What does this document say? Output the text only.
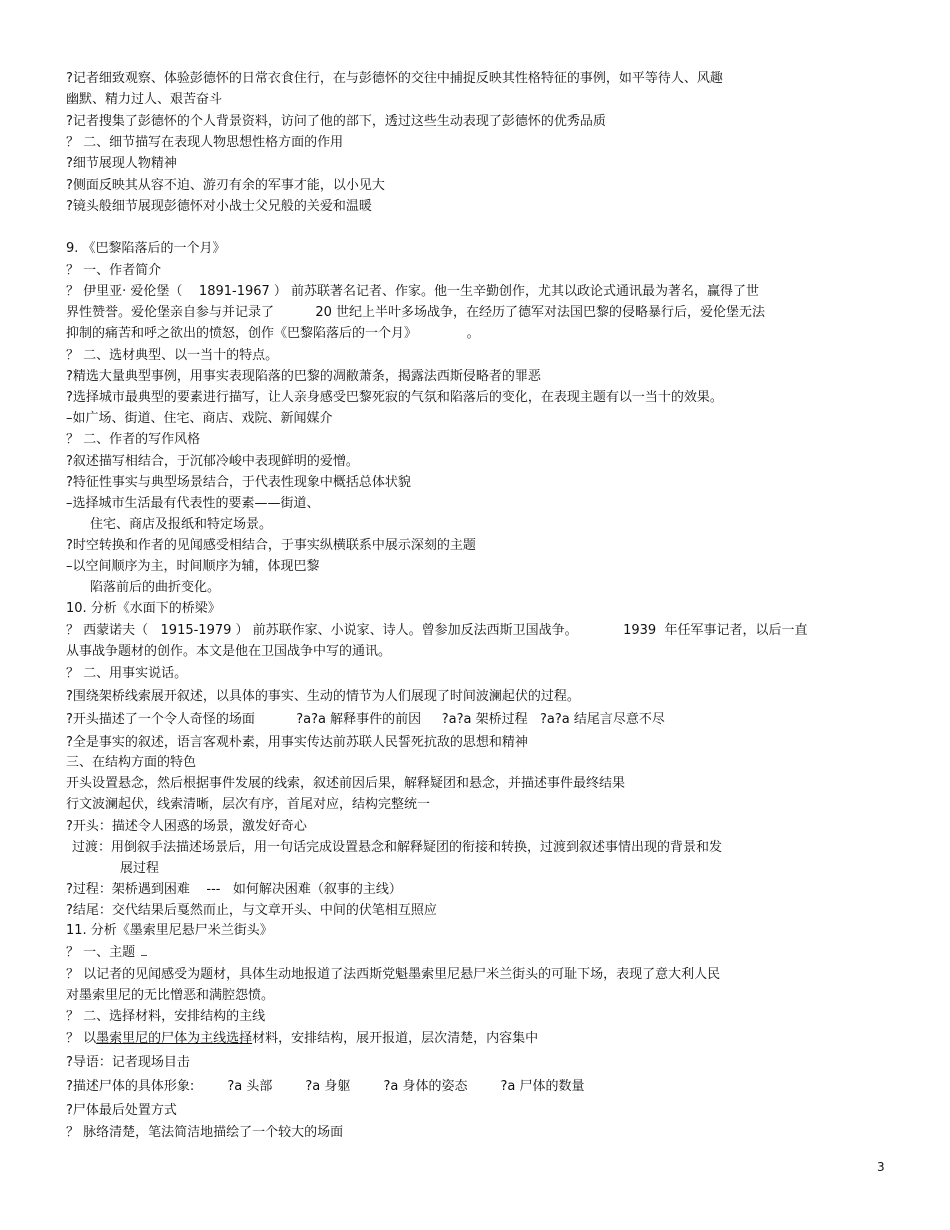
?记者细致观察、体验彭德怀的日常衣食住行，在与彭德怀的交往中捕捉反映其性格特征的事例，如平等待人、风趣
幽默、精力过人、艰苦奋斗
?记者搜集了彭德怀的个人背景资料，访问了他的部下，透过这些生动表现了彭德怀的优秀品质
？ 二、细节描写在表现人物思想性格方面的作用
?细节展现人物精神
?侧面反映其从容不迫、游刃有余的军事才能，以小见大
?镜头般细节展现彭德怀对小战士父兄般的关爱和温暖
9. 《巴黎陷落后的一个月》
？ 一、作者简介
？ 伊里亚· 爱伦堡（    1891-1967 ） 前苏联著名记者、作家。他一生辛勤创作，尤其以政论式通讯最为著名，赢得了世
界性赞誉。爱伦堡亲自参与并记录了          20 世纪上半叶多场战争，在经历了德军对法国巴黎的侵略暴行后，爱伦堡无法
抑制的痛苦和呼之欲出的愤怒，创作《巴黎陷落后的一个月》            。
？ 二、选材典型、以一当十的特点。
?精选大量典型事例，用事实表现陷落的巴黎的凋敝萧条，揭露法西斯侵略者的罪恶
?选择城市最典型的要素进行描写，让人亲身感受巴黎死寂的气氛和陷落后的变化，在表现主题有以一当十的效果。
–如广场、街道、住宅、商店、戏院、新闻媒介
？ 二、作者的写作风格
?叙述描写相结合，于沉郁冷峻中表现鲜明的爱憎。
?特征性事实与典型场景结合，于代表性现象中概括总体状貌
–选择城市生活最有代表性的要素——街道、
住宅、商店及报纸和特定场景。
?时空转换和作者的见闻感受相结合，于事实纵横联系中展示深刻的主题
–以空间顺序为主，时间顺序为辅，体现巴黎
陷落前后的曲折变化。
10. 分析《水面下的桥梁》
？ 西蒙诺夫（   1915-1979 ） 前苏联作家、小说家、诗人。曾参加反法西斯卫国战争。           1939  年任军事记者，以后一直
从事战争题材的创作。本文是他在卫国战争中写的通讯。
？ 二、用事实说话。
?围绕架桥线索展开叙述，以具体的事实、生动的情节为人们展现了时间波澜起伏的过程。
?开头描述了一个令人奇怪的场面          ?a?a 解释事件的前因     ?a?a 架桥过程   ?a?a 结尾言尽意不尽
?全是事实的叙述，语言客观朴素，用事实传达前苏联人民誓死抗敌的思想和精神
三、在结构方面的特色
开头设置悬念，然后根据事件发展的线索，叙述前因后果，解释疑团和悬念，并描述事件最终结果
行文波澜起伏，线索清晰，层次有序，首尾对应，结构完整统一
?开头：描述令人困惑的场景，激发好奇心
过渡：用倒叙手法描述场景后，用一句话完成设置悬念和解释疑团的衔接和转换，过渡到叙述事情出现的背景和发
展过程
?过程：架桥遇到困难    ---   如何解决困难（叙事的主线）
?结尾：交代结果后戛然而止，与文章开头、中间的伏笔相互照应
11. 分析《墨索里尼悬尸米兰街头》
？ 一、主题
？ 以记者的见闻感受为题材，具体生动地报道了法西斯党魁墨索里尼悬尸米兰街头的可耻下场，表现了意大利人民
对墨索里尼的无比憎恶和满腔怨愤。
？ 二、选择材料，安排结构的主线
？ 以墨索里尼的尸体为主线选择材料，安排结构，展开报道，层次清楚，内容集中
?导语：记者现场目击
?描述尸体的具体形象:        ?a 头部        ?a 身躯        ?a 身体的姿态        ?a 尸体的数量
?尸体最后处置方式
？ 脉络清楚，笔法简洁地描绘了一个较大的场面
3
